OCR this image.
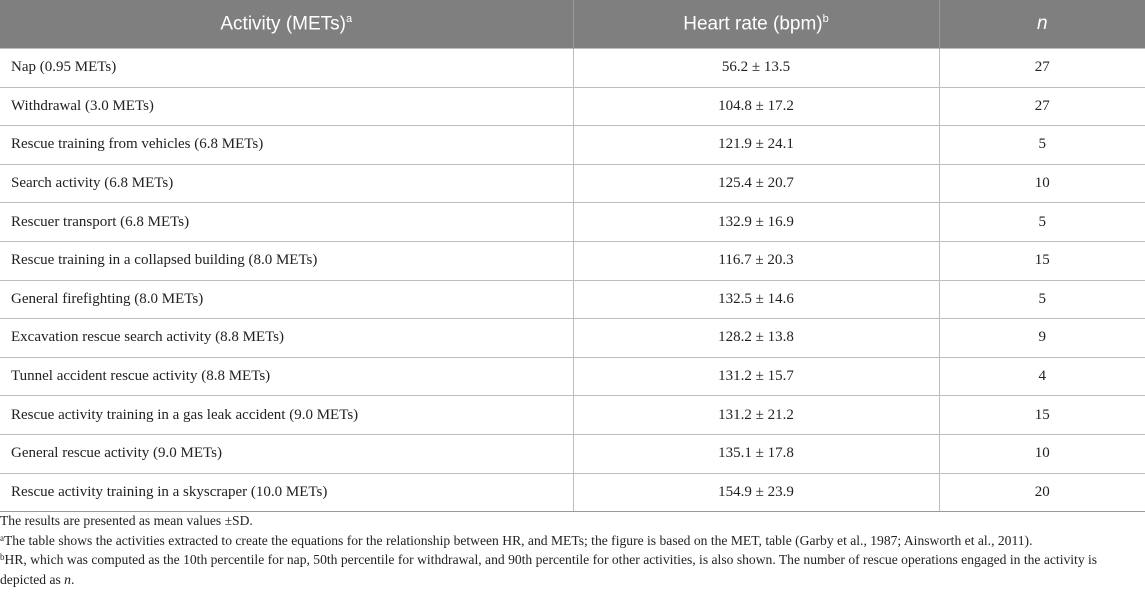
Activity (METs)$^a$	Heart rate (bpm)$^b$	n
Nap (0.95 METs)	56.2 ± 13.5	27
Withdrawal (3.0 METs)	104.8 ± 17.2	27
Rescue training from vehicles (6.8 METs)	121.9 ± 24.1	5
Search activity (6.8 METs)	125.4 ± 20.7	10
Rescuer transport (6.8 METs)	132.9 ± 16.9	5
Rescue training in a collapsed building (8.0 METs)	116.7 ± 20.3	15
General firefighting (8.0 METs)	132.5 ± 14.6	5
Excavation rescue search activity (8.8 METs)	128.2 ± 13.8	9
Tunnel accident rescue activity (8.8 METs)	131.2 ± 15.7	4
Rescue activity training in a gas leak accident (9.0 METs)	131.2 ± 21.2	15
General rescue activity (9.0 METs)	135.1 ± 17.8	10
Rescue activity training in a skyscraper (10.0 METs)	154.9 ± 23.9	20

The results are presented as mean values ±SD.

$^a$The table shows the activities extracted to create the equations for the relationship between HR, and METs; the figure is based on the MET, table (Garby et al., 1987; Ainsworth et al., 2011).

$^b$HR, which was computed as the 10th percentile for nap, 50th percentile for withdrawal, and 90th percentile for other activities, is also shown. The number of rescue operations engaged in the activity is depicted as n.
